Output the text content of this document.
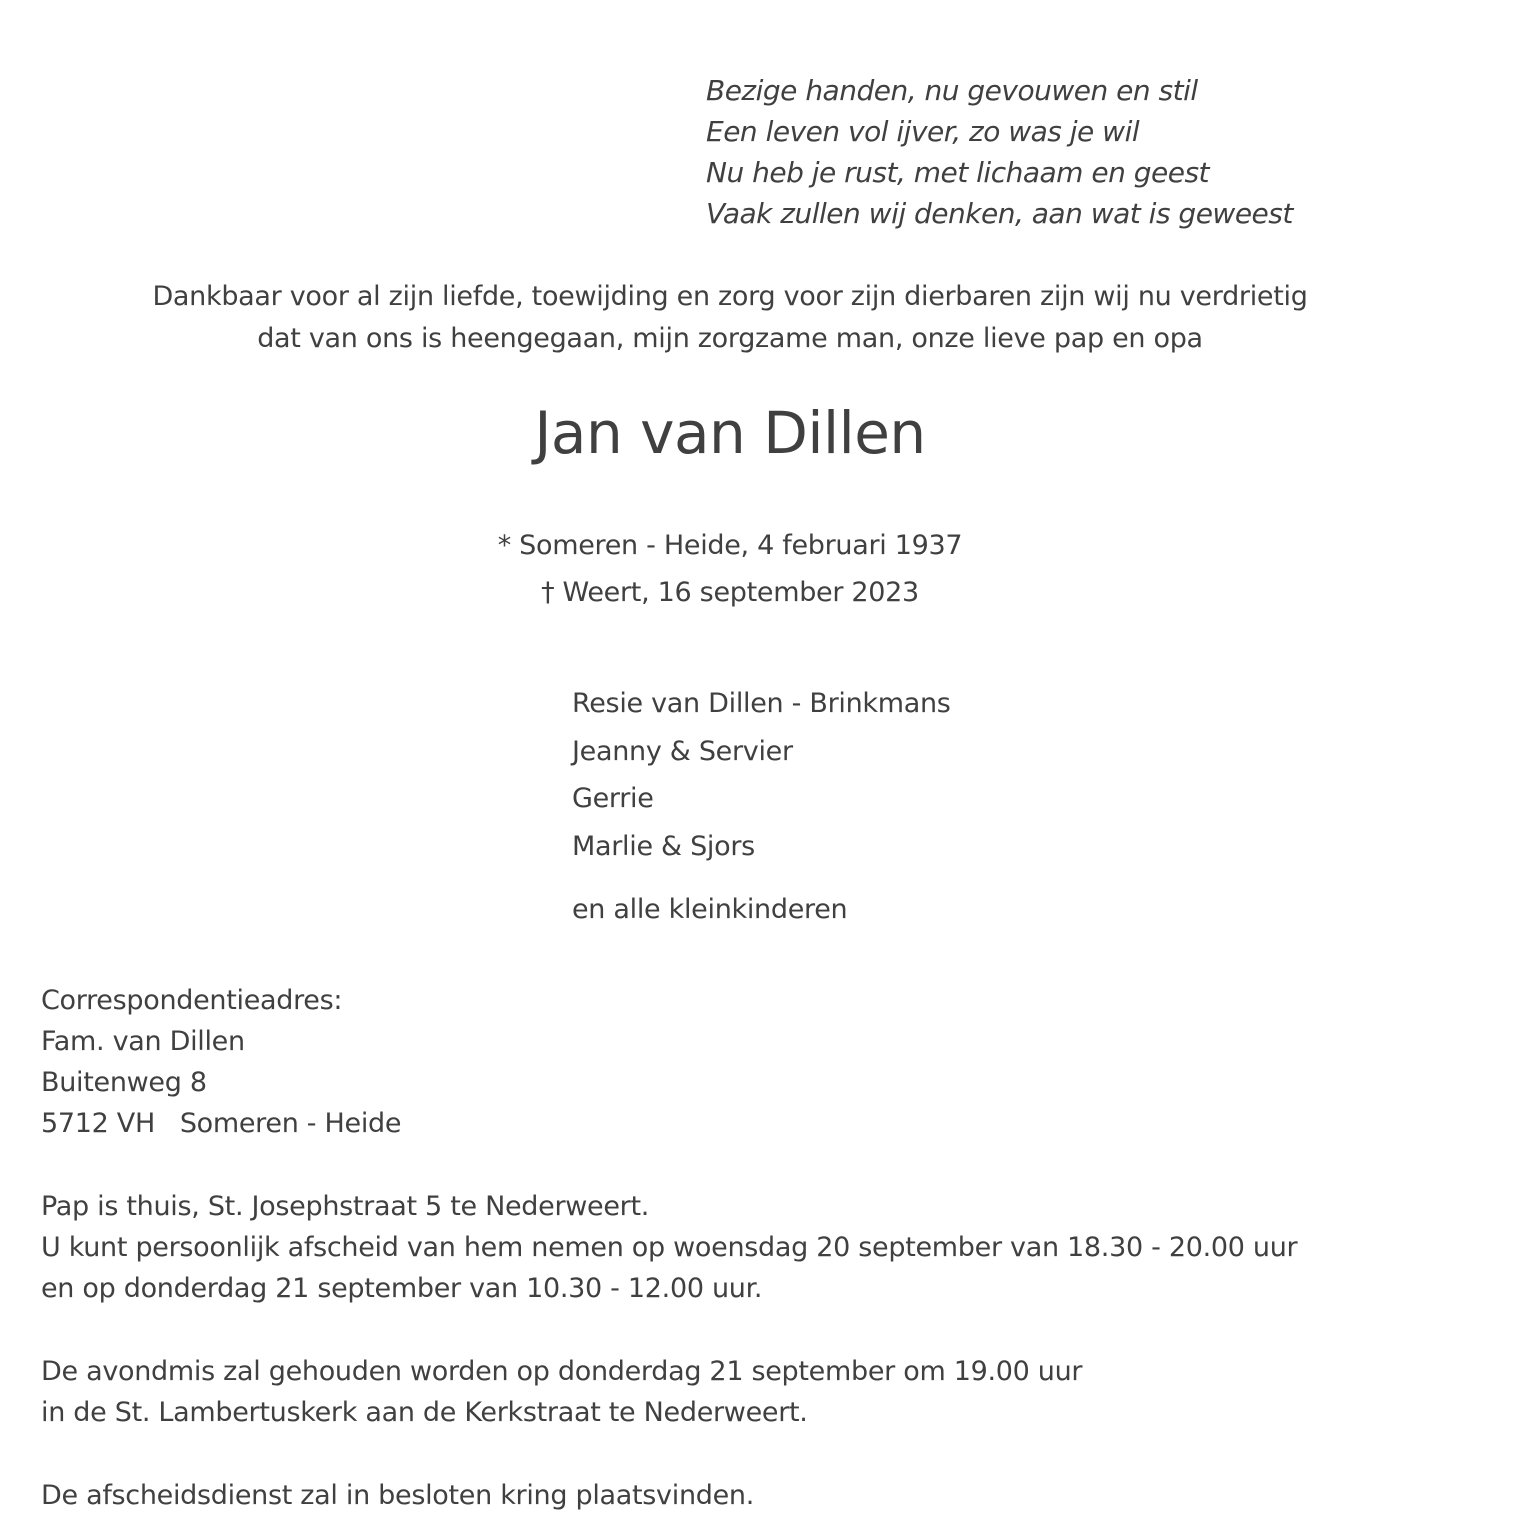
Bezige handen, nu gevouwen en stil
Een leven vol ijver, zo was je wil
Nu heb je rust, met lichaam en geest
Vaak zullen wij denken, aan wat is geweest
Dankbaar voor al zijn liefde, toewijding en zorg voor zijn dierbaren zijn wij nu verdrietig
dat van ons is heengegaan, mijn zorgzame man, onze lieve pap en opa
Jan van Dillen
* Someren - Heide, 4 februari 1937
† Weert, 16 september 2023
Resie van Dillen - Brinkmans
Jeanny & Servier
Gerrie
Marlie & Sjors
en alle kleinkinderen
Correspondentieadres:
Fam. van Dillen
Buitenweg 8
5712 VH   Someren - Heide
Pap is thuis, St. Josephstraat 5 te Nederweert.
U kunt persoonlijk afscheid van hem nemen op woensdag 20 september van 18.30 - 20.00 uur
en op donderdag 21 september van 10.30 - 12.00 uur.
De avondmis zal gehouden worden op donderdag 21 september om 19.00 uur
in de St. Lambertuskerk aan de Kerkstraat te Nederweert.
De afscheidsdienst zal in besloten kring plaatsvinden.
